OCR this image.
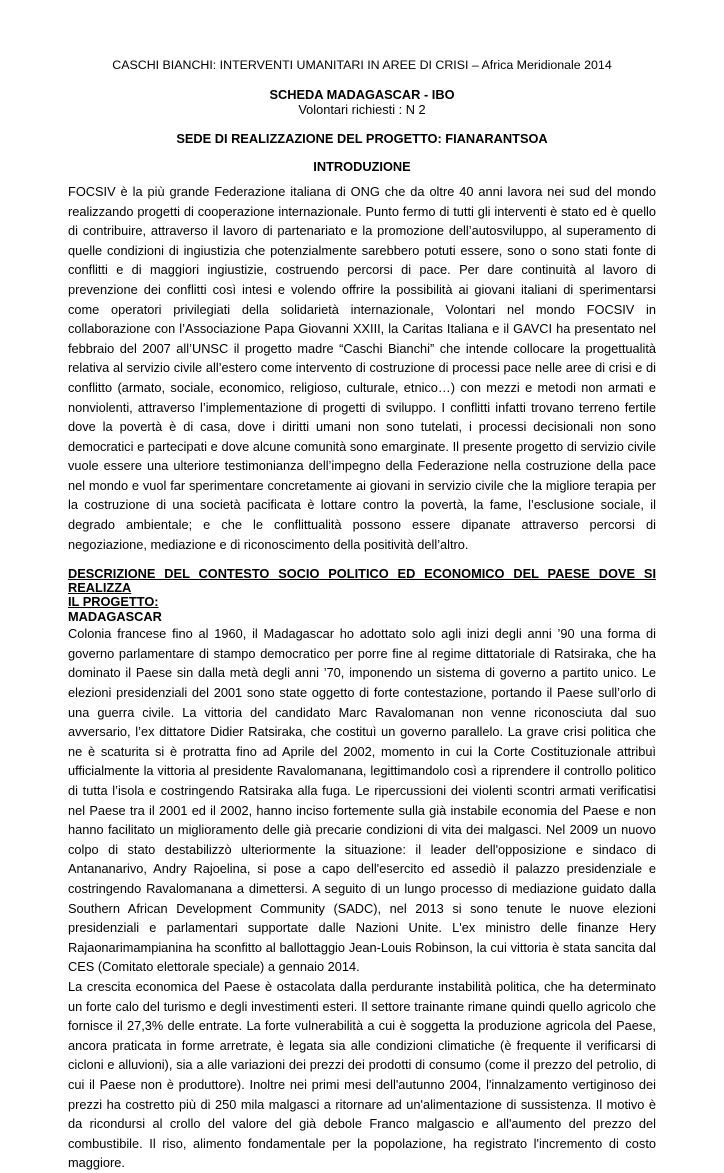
CASCHI BIANCHI: INTERVENTI UMANITARI IN AREE DI CRISI – Africa Meridionale 2014
SCHEDA MADAGASCAR - IBO
Volontari richiesti : N 2
SEDE DI REALIZZAZIONE DEL PROGETTO: FIANARANTSOA
INTRODUZIONE

FOCSIV è la più grande Federazione italiana di ONG che da oltre 40 anni lavora nei sud del mondo realizzando progetti di cooperazione internazionale. Punto fermo di tutti gli interventi è stato ed è quello di contribuire, attraverso il lavoro di partenariato e la promozione dell’autosviluppo, al superamento di quelle condizioni di ingiustizia che potenzialmente sarebbero potuti essere, sono o sono stati fonte di conflitti e di maggiori ingiustizie, costruendo percorsi di pace. Per dare continuità al lavoro di prevenzione dei conflitti così intesi e volendo offrire la possibilità ai giovani italiani di sperimentarsi come operatori privilegiati della solidarietà internazionale, Volontari nel mondo FOCSIV in collaborazione con l’Associazione Papa Giovanni XXIII, la Caritas Italiana e il GAVCI ha presentato nel febbraio del 2007 all’UNSC il progetto madre “Caschi Bianchi” che intende collocare la progettualità relativa al servizio civile all’estero come intervento di costruzione di processi pace nelle aree di crisi e di conflitto (armato, sociale, economico, religioso, culturale, etnico…) con mezzi e metodi non armati e nonviolenti, attraverso l’implementazione di progetti di sviluppo. I conflitti infatti trovano terreno fertile dove la povertà è di casa, dove i diritti umani non sono tutelati, i processi decisionali non sono democratici e partecipati e dove alcune comunità sono emarginate. Il presente progetto di servizio civile vuole essere una ulteriore testimonianza dell’impegno della Federazione nella costruzione della pace nel mondo e vuol far sperimentare concretamente ai giovani in servizio civile che la migliore terapia per la costruzione di una società pacificata è lottare contro la povertà, la fame, l’esclusione sociale, il degrado ambientale; e che le conflittualità possono essere dipanate attraverso percorsi di negoziazione, mediazione e di riconoscimento della positività dell’altro.

DESCRIZIONE DEL CONTESTO SOCIO POLITICO ED ECONOMICO DEL PAESE DOVE SI REALIZZA
IL PROGETTO:
MADAGASCAR

Colonia francese fino al 1960, il Madagascar ho adottato solo agli inizi degli anni ’90 una forma di governo parlamentare di stampo democratico per porre fine al regime dittatoriale di Ratsiraka, che ha dominato il Paese sin dalla metà degli anni ’70, imponendo un sistema di governo a partito unico. Le elezioni presidenziali del 2001 sono state oggetto di forte contestazione, portando il Paese sull’orlo di una guerra civile. La vittoria del candidato Marc Ravalomanan non venne riconosciuta dal suo avversario, l’ex dittatore Didier Ratsiraka, che costituì un governo parallelo. La grave crisi politica che ne è scaturita si è protratta fino ad Aprile del 2002, momento in cui la Corte Costituzionale attribuì ufficialmente la vittoria al presidente Ravalomanana, legittimandolo così a riprendere il controllo politico di tutta l’isola e costringendo Ratsiraka alla fuga. Le ripercussioni dei violenti scontri armati verificatisi nel Paese tra il 2001 ed il 2002, hanno inciso fortemente sulla già instabile economia del Paese e non hanno facilitato un miglioramento delle già precarie condizioni di vita dei malgasci. Nel 2009 un nuovo colpo di stato destabilizzò ulteriormente la situazione: il leader dell'opposizione e sindaco di Antananarivo, Andry Rajoelina, si pose a capo dell'esercito ed assediò il palazzo presidenziale e costringendo Ravalomanana a dimettersi. A seguito di un lungo processo di mediazione guidato dalla Southern African Development Community (SADC), nel 2013 si sono tenute le nuove elezioni presidenziali e parlamentari supportate dalle Nazioni Unite. L'ex ministro delle finanze Hery Rajaonarimampianina ha sconfitto al ballottaggio Jean-Louis Robinson, la cui vittoria è stata sancita dal CES (Comitato elettorale speciale) a gennaio 2014.

La crescita economica del Paese è ostacolata dalla perdurante instabilità politica, che ha determinato un forte calo del turismo e degli investimenti esteri. Il settore trainante rimane quindi quello agricolo che fornisce il 27,3% delle entrate. La forte vulnerabilità a cui è soggetta la produzione agricola del Paese, ancora praticata in forme arretrate, è legata sia alle condizioni climatiche (è frequente il verificarsi di cicloni e alluvioni), sia a alle variazioni dei prezzi dei prodotti di consumo (come il prezzo del petrolio, di cui il Paese non è produttore). Inoltre nei primi mesi dell'autunno 2004, l'innalzamento vertiginoso dei prezzi ha costretto più di 250 mila malgasci a ritornare ad un'alimentazione di sussistenza. Il motivo è da ricondursi al crollo del valore del già debole Franco malgascio e all'aumento del prezzo del combustibile. Il riso, alimento fondamentale per la popolazione, ha registrato l'incremento di costo maggiore.
